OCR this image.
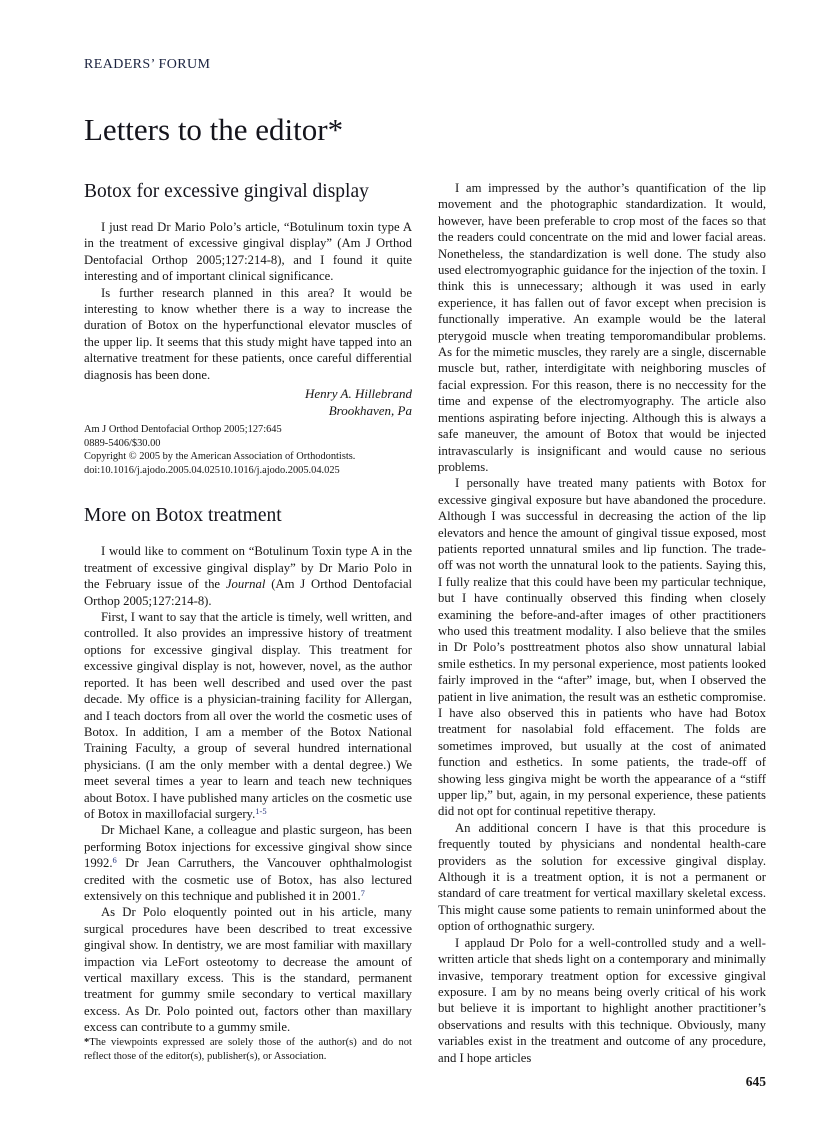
READERS’ FORUM
Letters to the editor*
Botox for excessive gingival display

I just read Dr Mario Polo’s article, “Botulinum toxin type A in the treatment of excessive gingival display” (Am J Orthod Dentofacial Orthop 2005;127:214-8), and I found it quite interesting and of important clinical significance.

Is further research planned in this area? It would be interesting to know whether there is a way to increase the duration of Botox on the hyperfunctional elevator muscles of the upper lip. It seems that this study might have tapped into an alternative treatment for these patients, once careful differential diagnosis has been done.

Henry A. Hillebrand
Brookhaven, Pa
Am J Orthod Dentofacial Orthop 2005;127:645
0889-5406/$30.00
Copyright © 2005 by the American Association of Orthodontists.
doi:10.1016/j.ajodo.2005.04.02510.1016/j.ajodo.2005.04.025
More on Botox treatment

I would like to comment on “Botulinum Toxin type A in the treatment of excessive gingival display” by Dr Mario Polo in the February issue of the Journal (Am J Orthod Dentofacial Orthop 2005;127:214-8).

First, I want to say that the article is timely, well written, and controlled. It also provides an impressive history of treatment options for excessive gingival display. This treatment for excessive gingival display is not, however, novel, as the author reported. It has been well described and used over the past decade. My office is a physician-training facility for Allergan, and I teach doctors from all over the world the cosmetic uses of Botox. In addition, I am a member of the Botox National Training Faculty, a group of several hundred international physicians. (I am the only member with a dental degree.) We meet several times a year to learn and teach new techniques about Botox. I have published many articles on the cosmetic use of Botox in maxillofacial surgery.$^{1-5}$

Dr Michael Kane, a colleague and plastic surgeon, has been performing Botox injections for excessive gingival show since 1992.$^6$ Dr Jean Carruthers, the Vancouver ophthalmologist credited with the cosmetic use of Botox, has also lectured extensively on this technique and published it in 2001.$^7$

As Dr Polo eloquently pointed out in his article, many surgical procedures have been described to treat excessive gingival show. In dentistry, we are most familiar with maxillary impaction via LeFort osteotomy to decrease the amount of vertical maxillary excess. This is the standard, permanent treatment for gummy smile secondary to vertical maxillary excess. As Dr. Polo pointed out, factors other than maxillary excess can contribute to a gummy smile.

*The viewpoints expressed are solely those of the author(s) and do not reflect those of the editor(s), publisher(s), or Association.

I am impressed by the author’s quantification of the lip movement and the photographic standardization. It would, however, have been preferable to crop most of the faces so that the readers could concentrate on the mid and lower facial areas. Nonetheless, the standardization is well done. The study also used electromyographic guidance for the injection of the toxin. I think this is unnecessary; although it was used in early experience, it has fallen out of favor except when precision is functionally imperative. An example would be the lateral pterygoid muscle when treating temporomandibular problems. As for the mimetic muscles, they rarely are a single, discernable muscle but, rather, interdigitate with neighboring muscles of facial expression. For this reason, there is no neccessity for the time and expense of the electromyography. The article also mentions aspirating before injecting. Although this is always a safe maneuver, the amount of Botox that would be injected intravascularly is insignificant and would cause no serious problems.

I personally have treated many patients with Botox for excessive gingival exposure but have abandoned the procedure. Although I was successful in decreasing the action of the lip elevators and hence the amount of gingival tissue exposed, most patients reported unnatural smiles and lip function. The trade-off was not worth the unnatural look to the patients. Saying this, I fully realize that this could have been my particular technique, but I have continually observed this finding when closely examining the before-and-after images of other practitioners who used this treatment modality. I also believe that the smiles in Dr Polo’s posttreatment photos also show unnatural labial smile esthetics. In my personal experience, most patients looked fairly improved in the “after” image, but, when I observed the patient in live animation, the result was an esthetic compromise. I have also observed this in patients who have had Botox treatment for nasolabial fold effacement. The folds are sometimes improved, but usually at the cost of animated function and esthetics. In some patients, the trade-off of showing less gingiva might be worth the appearance of a “stiff upper lip,” but, again, in my personal experience, these patients did not opt for continual repetitive therapy.

An additional concern I have is that this procedure is frequently touted by physicians and nondental health-care providers as the solution for excessive gingival display. Although it is a treatment option, it is not a permanent or standard of care treatment for vertical maxillary skeletal excess. This might cause some patients to remain uninformed about the option of orthognathic surgery.

I applaud Dr Polo for a well-controlled study and a well-written article that sheds light on a contemporary and minimally invasive, temporary treatment option for excessive gingival exposure. I am by no means being overly critical of his work but believe it is important to highlight another practitioner’s observations and results with this technique. Obviously, many variables exist in the treatment and outcome of any procedure, and I hope articles

645
